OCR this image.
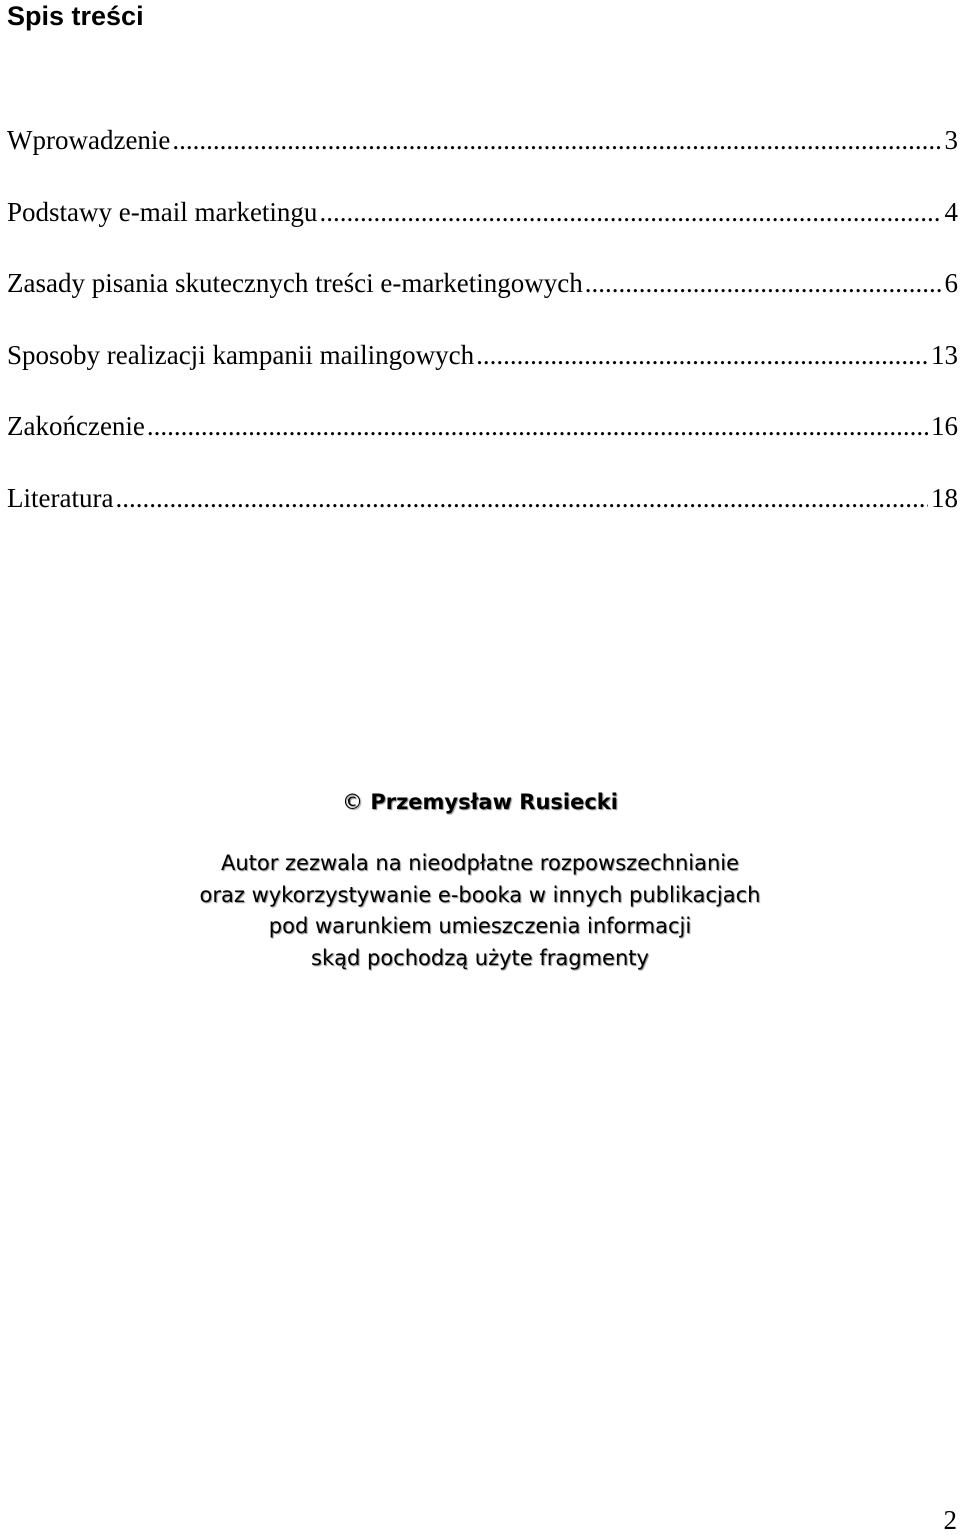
Spis treści
Wprowadzenie .....	3
Podstawy e-mail marketingu .....	4
Zasady pisania skutecznych treści e-marketingowych .....	6
Sposoby realizacji kampanii mailingowych .....	13
Zakończenie .....	16
Literatura .....	18
© Przemysław Rusiecki
Autor zezwala na nieodpłatne rozpowszechnianie
oraz wykorzystywanie e-booka w innych publikacjach
pod warunkiem umieszczenia informacji
skąd pochodzą użyte fragmenty
2
